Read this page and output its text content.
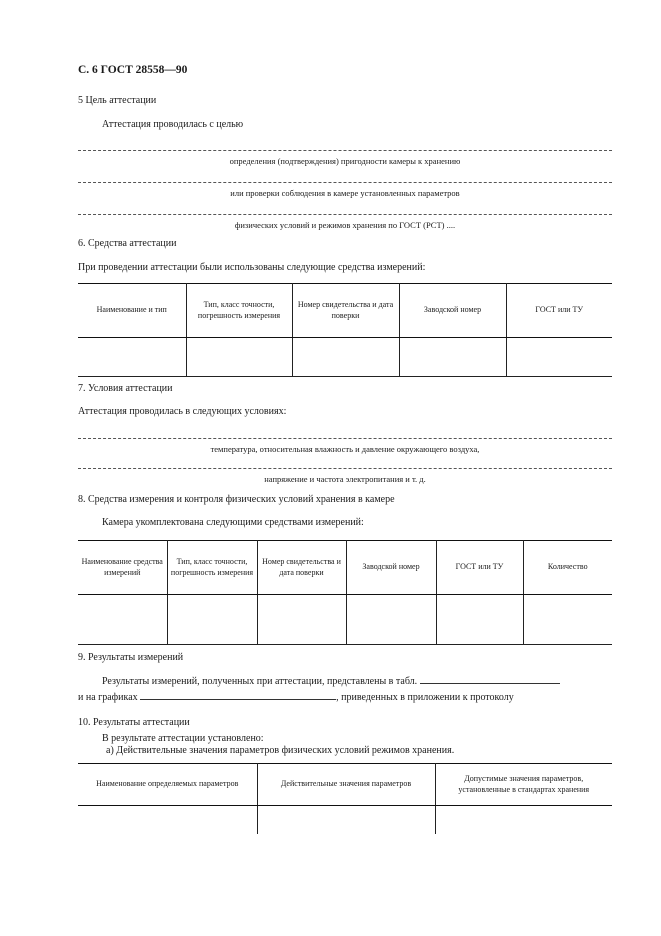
С. 6 ГОСТ 28558—90
5 Цель аттестации
Аттестация проводилась с целью
определения (подтверждения) пригодности камеры к хранению
или проверки соблюдения в камере установленных параметров
физических условий и режимов хранения по ГОСТ (РСТ) ....
6. Средства аттестации
При проведении аттестации были использованы следующие средства измерений:
Наименование и тип	Тип, класс точности, погрешность измерения	Номер свидетельства и дата поверки	Заводской номер	ГОСТ или ТУ

7. Условия аттестации
Аттестация проводилась в следующих условиях:
температура, относительная влажность и давление окружающего воздуха,
напряжение и частота электропитания и т. д.
8. Средства измерения и контроля физических условий хранения в камере
Камера укомплектована следующими средствами измерений:
Наименование средства измерений	Тип, класс точности, погрешность измерения	Номер свидетельства и дата поверки	Заводской номер	ГОСТ или ТУ	Количество

9. Результаты измерений
Результаты измерений, полученных при аттестации, представлены в табл.
и на графиках	, приведенных в приложении к протоколу
10. Результаты аттестации
В результате аттестации установлено:
а) Действительные значения параметров физических условий режимов хранения.
Наименование определяемых параметров	Действительные значения параметров	Допустимые значения параметров, установленные в стандартах хранения
